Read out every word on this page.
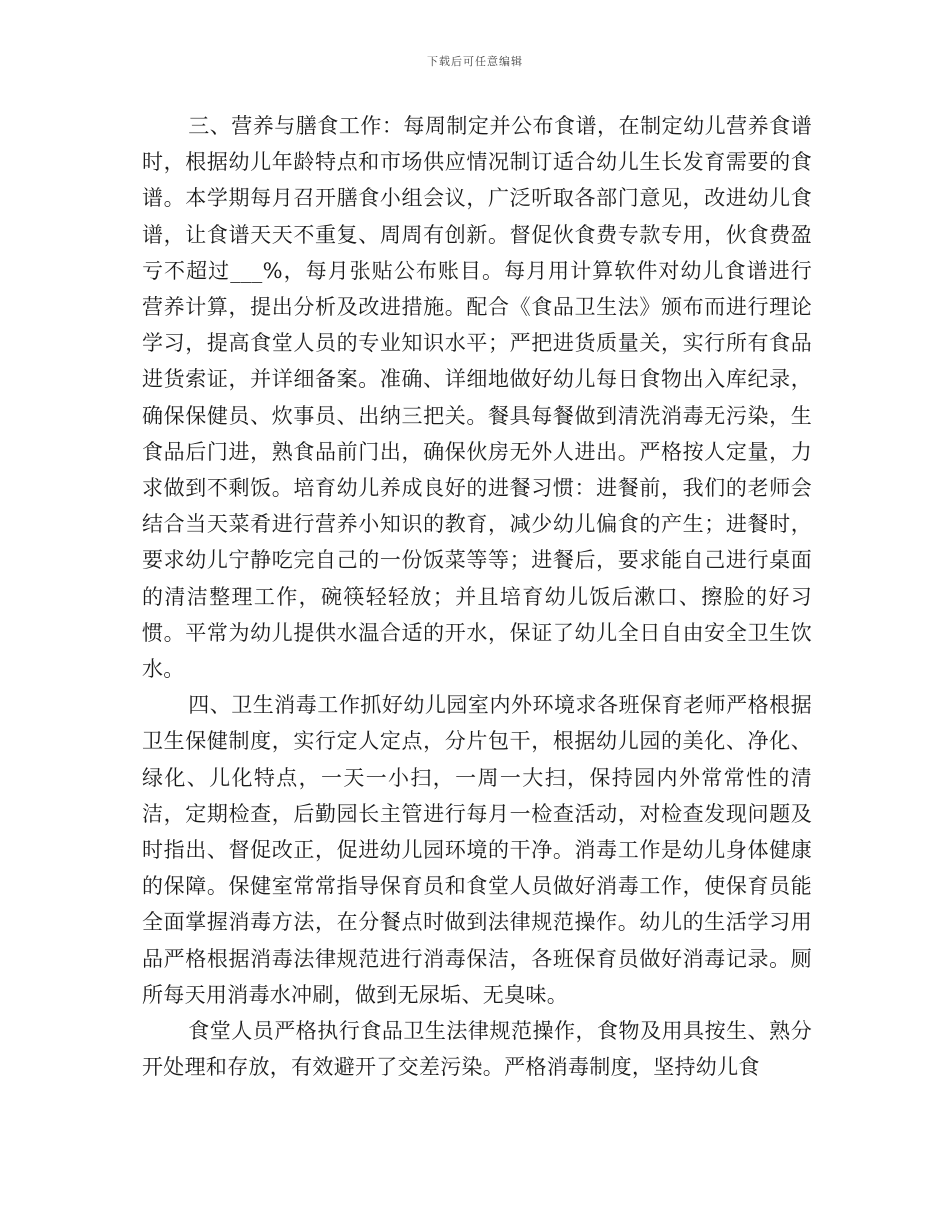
下载后可任意编辑

三、营养与膳食工作：每周制定并公布食谱，在制定幼儿营养食谱时，根据幼儿年龄特点和市场供应情况制订适合幼儿生长发育需要的食谱。本学期每月召开膳食小组会议，广泛听取各部门意见，改进幼儿食谱，让食谱天天不重复、周周有创新。督促伙食费专款专用，伙食费盈亏不超过___%，每月张贴公布账目。每月用计算软件对幼儿食谱进行营养计算，提出分析及改进措施。配合《食品卫生法》颁布而进行理论学习，提高食堂人员的专业知识水平；严把进货质量关，实行所有食品进货索证，并详细备案。准确、详细地做好幼儿每日食物出入库纪录，确保保健员、炊事员、出纳三把关。餐具每餐做到清洗消毒无污染，生食品后门进，熟食品前门出，确保伙房无外人进出。严格按人定量，力求做到不剩饭。培育幼儿养成良好的进餐习惯：进餐前，我们的老师会结合当天菜肴进行营养小知识的教育，减少幼儿偏食的产生；进餐时，要求幼儿宁静吃完自己的一份饭菜等等；进餐后，要求能自己进行桌面的清洁整理工作，碗筷轻轻放；并且培育幼儿饭后漱口、擦脸的好习惯。平常为幼儿提供水温合适的开水，保证了幼儿全日自由安全卫生饮水。

四、卫生消毒工作抓好幼儿园室内外环境求各班保育老师严格根据卫生保健制度，实行定人定点，分片包干，根据幼儿园的美化、净化、绿化、儿化特点，一天一小扫，一周一大扫，保持园内外常常性的清洁，定期检查，后勤园长主管进行每月一检查活动，对检查发现问题及时指出、督促改正，促进幼儿园环境的干净。消毒工作是幼儿身体健康的保障。保健室常常指导保育员和食堂人员做好消毒工作，使保育员能全面掌握消毒方法，在分餐点时做到法律规范操作。幼儿的生活学习用品严格根据消毒法律规范进行消毒保洁，各班保育员做好消毒记录。厕所每天用消毒水冲刷，做到无尿垢、无臭味。

食堂人员严格执行食品卫生法律规范操作，食物及用具按生、熟分开处理和存放，有效避开了交差污染。严格消毒制度，坚持幼儿食
